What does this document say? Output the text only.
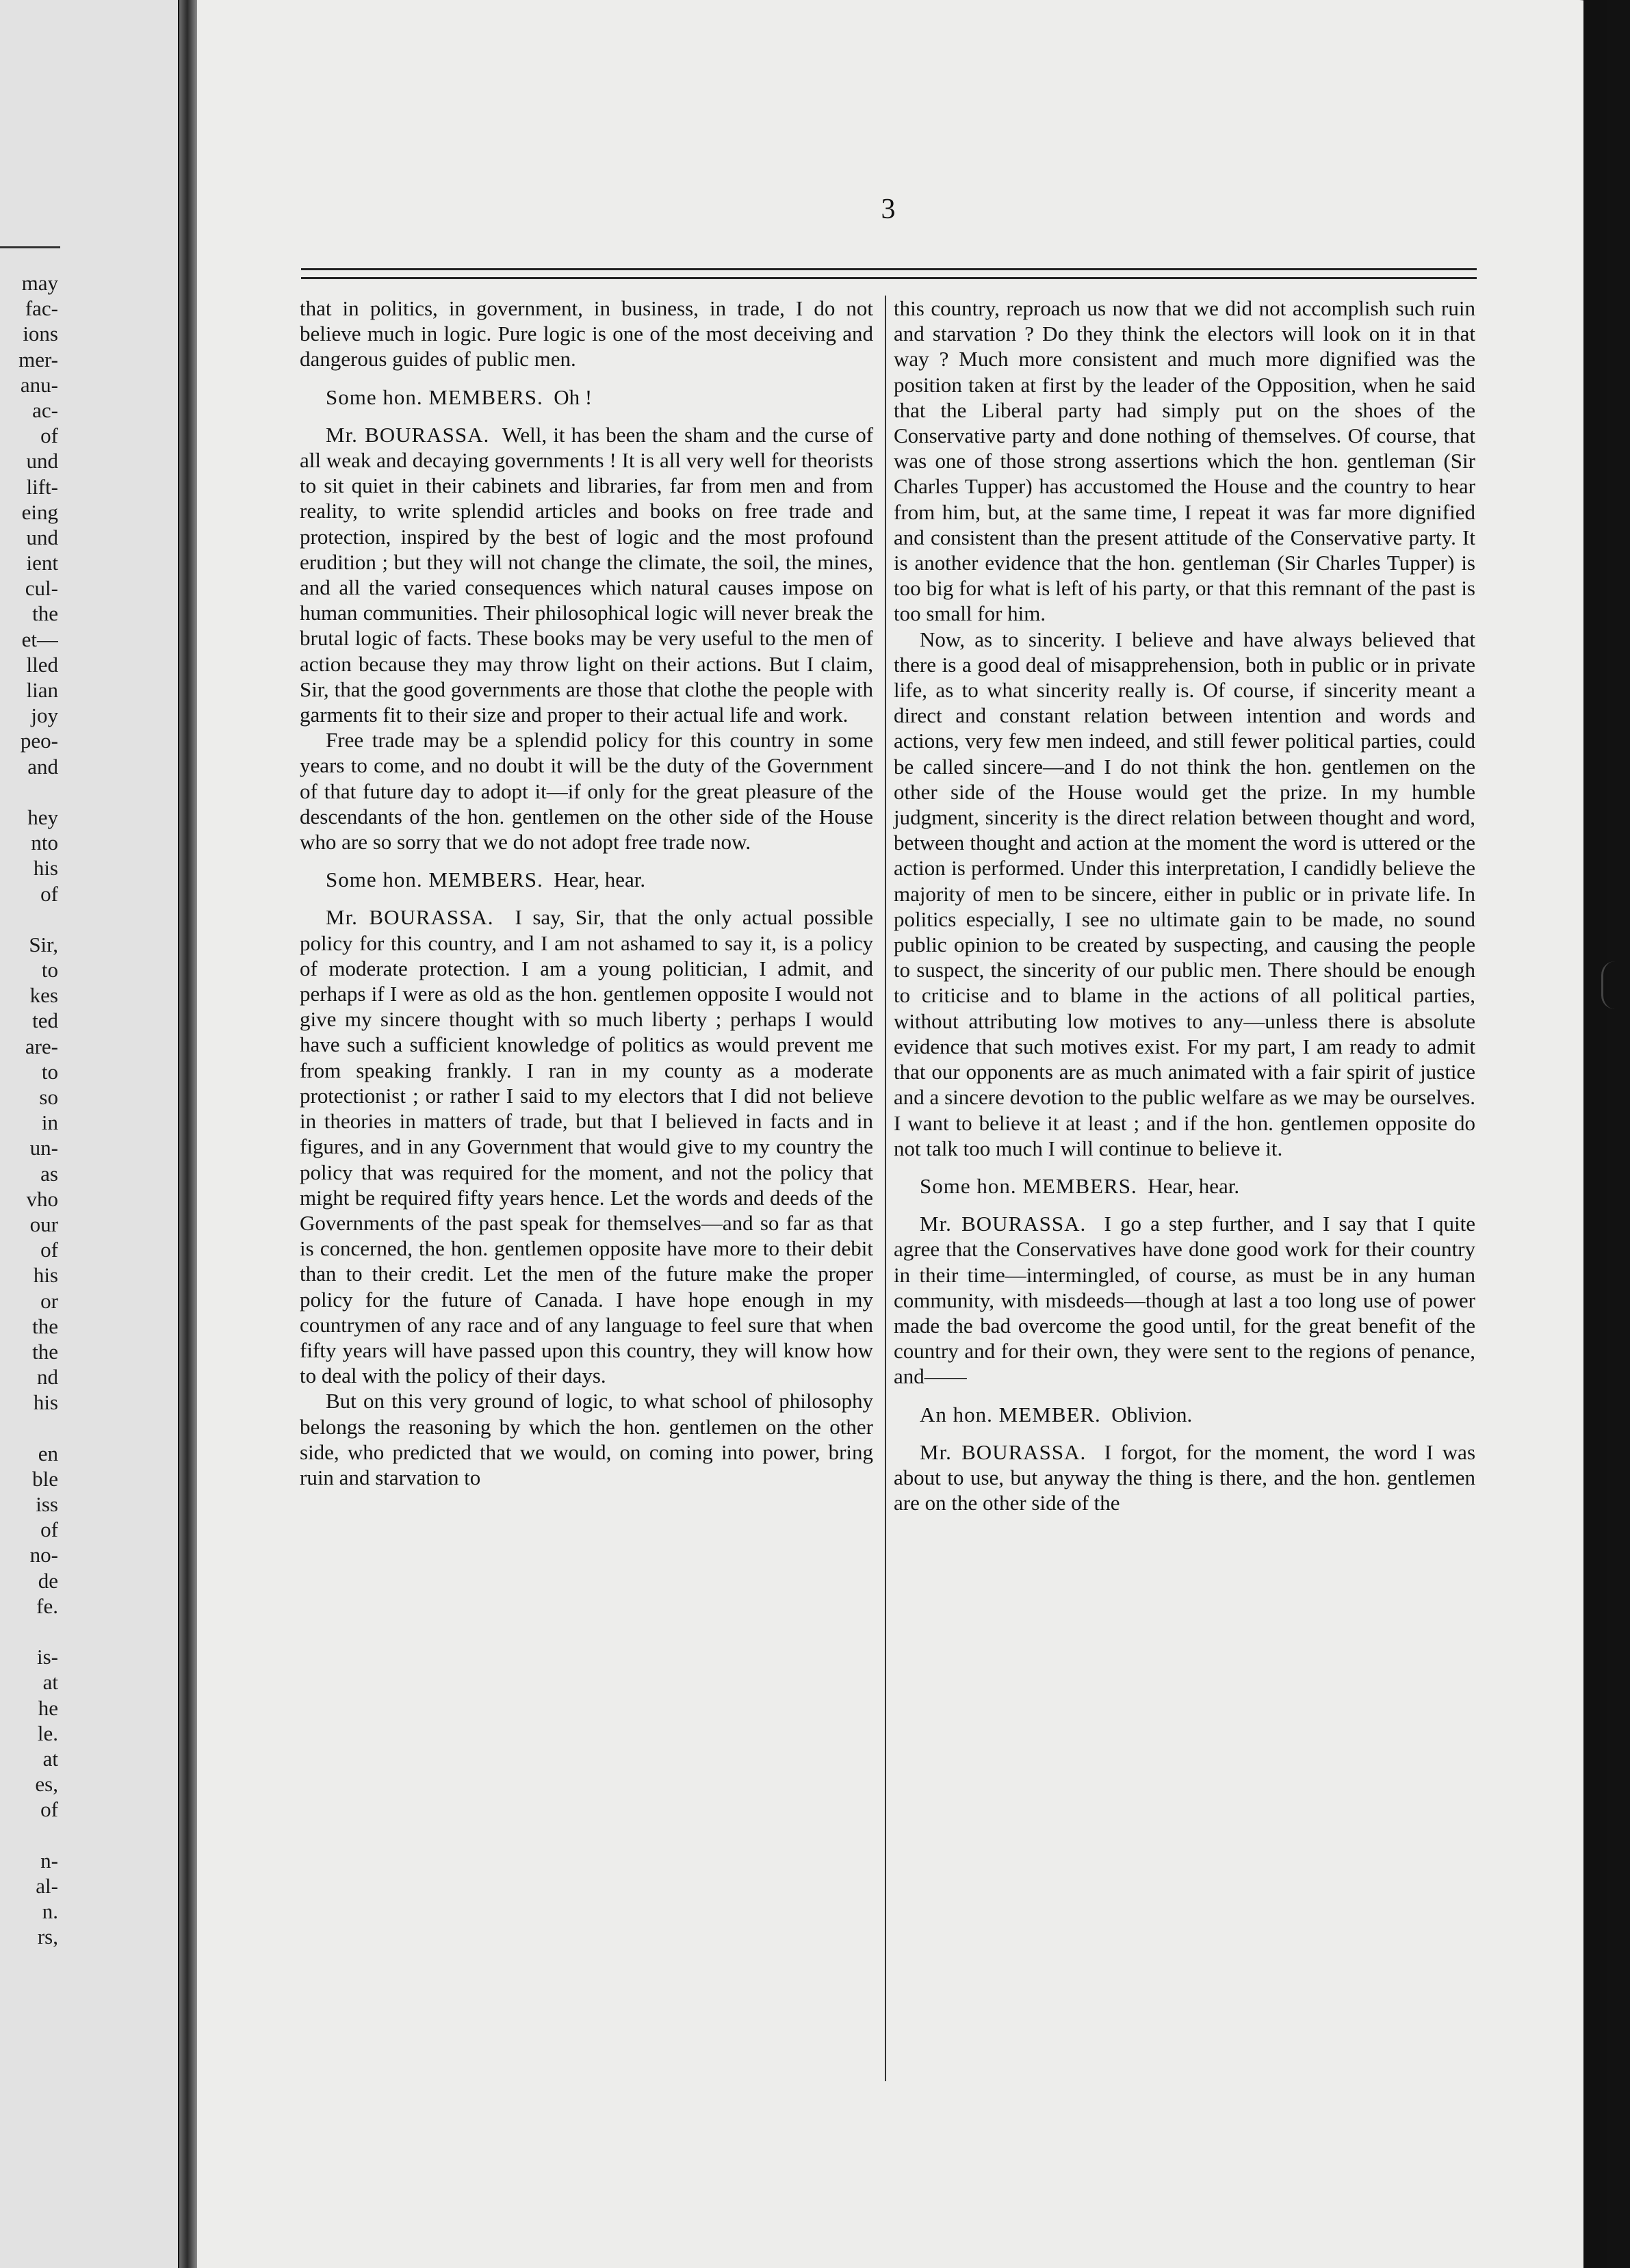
may
fac-
ions
mer-
anu-
ac-
of
und
lift-
eing
und
ient
cul-
the
et—
lled
lian
joy
peo-
and
hey
nto
his
of
Sir,
to
kes
ted
are-
to
so
in
un-
as
vho
our
of
his
or
the
the
nd
his
en
ble
iss
of
no-
de
fe.
is-
at
he
le.
at
es,
of
n-
al-
n.
rs,
3

that in politics, in government, in business, in trade, I do not believe much in logic. Pure logic is one of the most deceiving and dangerous guides of public men.

Some hon. MEMBERS. Oh !

Mr. BOURASSA. Well, it has been the sham and the curse of all weak and decaying governments ! It is all very well for theorists to sit quiet in their cabinets and libraries, far from men and from reality, to write splendid articles and books on free trade and protection, inspired by the best of logic and the most profound erudition ; but they will not change the climate, the soil, the mines, and all the varied consequences which natural causes impose on human communities. Their philosophical logic will never break the brutal logic of facts. These books may be very useful to the men of action because they may throw light on their actions. But I claim, Sir, that the good governments are those that clothe the people with garments fit to their size and proper to their actual life and work.

Free trade may be a splendid policy for this country in some years to come, and no doubt it will be the duty of the Government of that future day to adopt it—if only for the great pleasure of the descendants of the hon. gentlemen on the other side of the House who are so sorry that we do not adopt free trade now.

Some hon. MEMBERS. Hear, hear.

Mr. BOURASSA. I say, Sir, that the only actual possible policy for this country, and I am not ashamed to say it, is a policy of moderate protection. I am a young politician, I admit, and perhaps if I were as old as the hon. gentlemen opposite I would not give my sincere thought with so much liberty ; perhaps I would have such a sufficient knowledge of politics as would prevent me from speaking frankly. I ran in my county as a moderate protectionist ; or rather I said to my electors that I did not believe in theories in matters of trade, but that I believed in facts and in figures, and in any Government that would give to my country the policy that was required for the moment, and not the policy that might be required fifty years hence. Let the words and deeds of the Governments of the past speak for themselves—and so far as that is concerned, the hon. gentlemen opposite have more to their debit than to their credit. Let the men of the future make the proper policy for the future of Canada. I have hope enough in my countrymen of any race and of any language to feel sure that when fifty years will have passed upon this country, they will know how to deal with the policy of their days.

But on this very ground of logic, to what school of philosophy belongs the reasoning by which the hon. gentlemen on the other side, who predicted that we would, on coming into power, bring ruin and starvation to

this country, reproach us now that we did not accomplish such ruin and starvation ? Do they think the electors will look on it in that way ? Much more consistent and much more dignified was the position taken at first by the leader of the Opposition, when he said that the Liberal party had simply put on the shoes of the Conservative party and done nothing of themselves. Of course, that was one of those strong assertions which the hon. gentleman (Sir Charles Tupper) has accustomed the House and the country to hear from him, but, at the same time, I repeat it was far more dignified and consistent than the present attitude of the Conservative party. It is another evidence that the hon. gentleman (Sir Charles Tupper) is too big for what is left of his party, or that this remnant of the past is too small for him.

Now, as to sincerity. I believe and have always believed that there is a good deal of misapprehension, both in public or in private life, as to what sincerity really is. Of course, if sincerity meant a direct and constant relation between intention and words and actions, very few men indeed, and still fewer political parties, could be called sincere—and I do not think the hon. gentlemen on the other side of the House would get the prize. In my humble judgment, sincerity is the direct relation between thought and word, between thought and action at the moment the word is uttered or the action is performed. Under this interpretation, I candidly believe the majority of men to be sincere, either in public or in private life. In politics especially, I see no ultimate gain to be made, no sound public opinion to be created by suspecting, and causing the people to suspect, the sincerity of our public men. There should be enough to criticise and to blame in the actions of all political parties, without attributing low motives to any—unless there is absolute evidence that such motives exist. For my part, I am ready to admit that our opponents are as much animated with a fair spirit of justice and a sincere devotion to the public welfare as we may be ourselves. I want to believe it at least ; and if the hon. gentlemen opposite do not talk too much I will continue to believe it.

Some hon. MEMBERS. Hear, hear.

Mr. BOURASSA. I go a step further, and I say that I quite agree that the Conservatives have done good work for their country in their time—intermingled, of course, as must be in any human community, with misdeeds—though at last a too long use of power made the bad overcome the good until, for the great benefit of the country and for their own, they were sent to the regions of penance, and——

An hon. MEMBER. Oblivion.

Mr. BOURASSA. I forgot, for the moment, the word I was about to use, but anyway the thing is there, and the hon. gentlemen are on the other side of the
